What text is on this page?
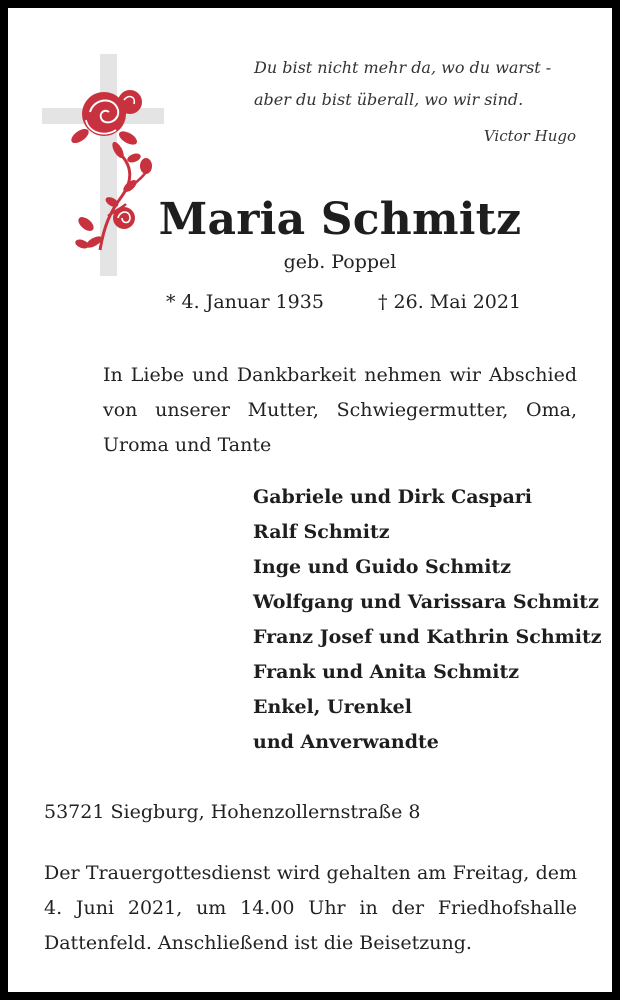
Du bist nicht mehr da, wo du warst -
aber du bist überall, wo wir sind.
Victor Hugo
Maria Schmitz
geb. Poppel
* 4. Januar 1935	† 26. Mai 2021
In Liebe und Dankbarkeit nehmen wir Abschied von unserer Mutter, Schwiegermutter, Oma, Uroma und Tante
Gabriele und Dirk Caspari
Ralf Schmitz
Inge und Guido Schmitz
Wolfgang und Varissara Schmitz
Franz Josef und Kathrin Schmitz
Frank und Anita Schmitz
Enkel, Urenkel
und Anverwandte
53721 Siegburg, Hohenzollernstraße 8
Der Trauergottesdienst wird gehalten am Freitag, dem 4. Juni 2021, um 14.00 Uhr in der Friedhofshalle Dattenfeld. Anschließend ist die Beisetzung.
